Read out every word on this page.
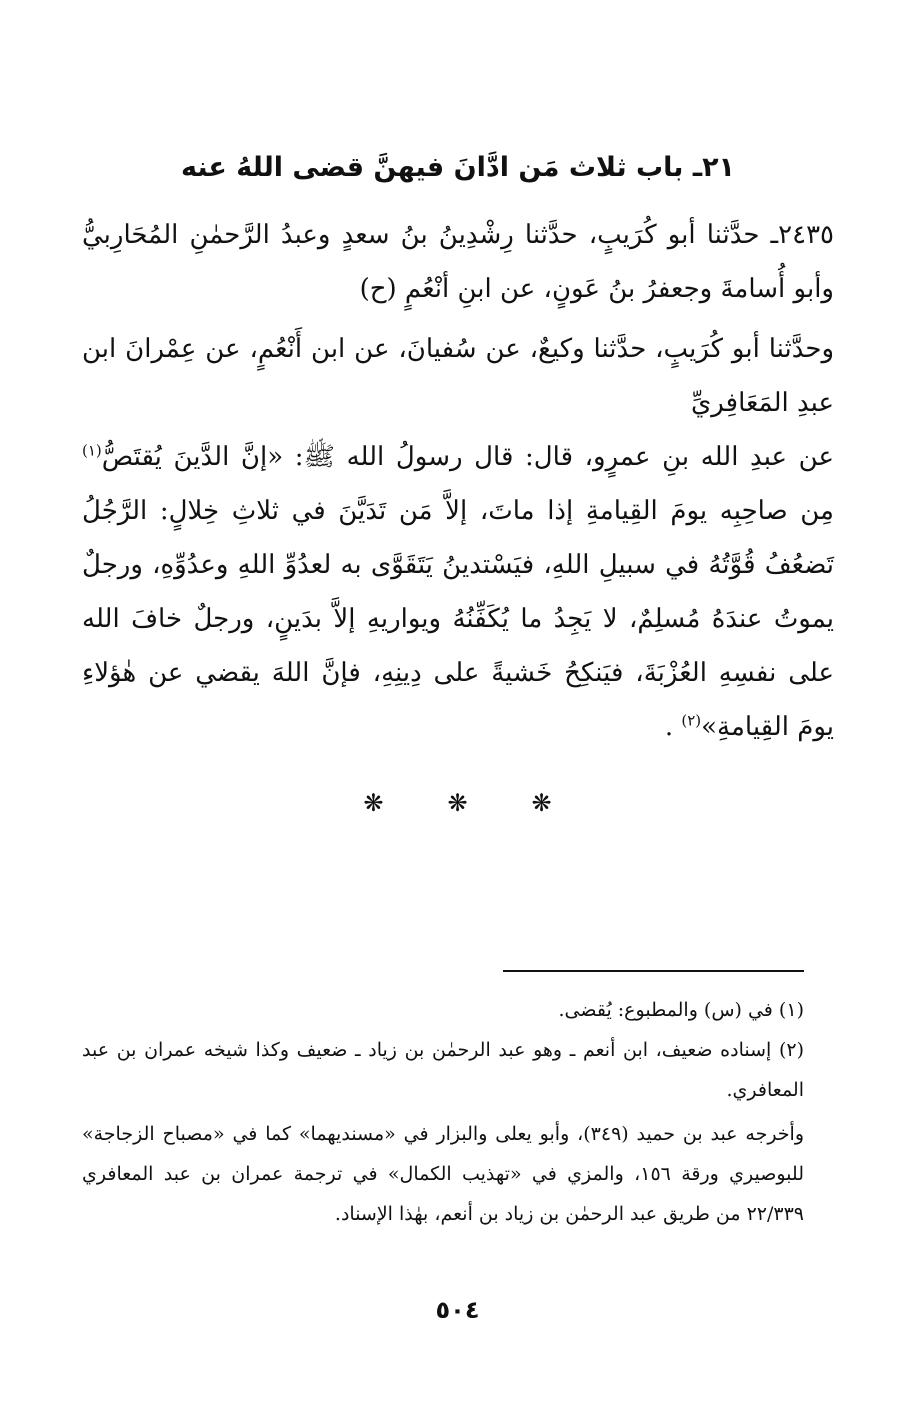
٢١ـ باب ثلاث مَن ادَّانَ فيهنَّ قضى اللهُ عنه

٢٤٣٥ـ حدَّثنا أبو كُرَيبٍ، حدَّثنا رِشْدِينُ بنُ سعدٍ وعبدُ الرَّحمٰنِ المُحَارِبيُّ وأبو أُسامةَ وجعفرُ بنُ عَونٍ، عن ابنِ أنْعُمٍ (ح)

وحدَّثنا أبو كُرَيبٍ، حدَّثنا وكيعٌ، عن سُفيانَ، عن ابن أَنْعُمٍ، عن عِمْرانَ ابن عبدِ المَعَافِريِّ

عن عبدِ الله بنِ عمرٍو، قال: قال رسولُ الله ﷺ: «إنَّ الدَّينَ يُقتَصُّ$^{(١)}$ مِن صاحِبِه يومَ القِيامةِ إذا ماتَ، إلاَّ مَن تَدَيَّنَ في ثلاثِ خِلالٍ: الرَّجُلُ تَضعُفُ قُوَّتُهُ في سبيلِ اللهِ، فيَسْتدينُ يَتَقَوَّى به لعدُوِّ اللهِ وعدُوِّهِ، ورجلٌ يموتُ عندَهُ مُسلِمٌ، لا يَجِدُ ما يُكَفِّنُهُ ويواريهِ إلاَّ بدَينٍ، ورجلٌ خافَ الله على نفسِهِ العُزْبَةَ، فيَنكِحُ خَشيةً على دِينِهِ، فإنَّ اللهَ يقضي عن هٰؤلاءِ يومَ القِيامةِ»$^{(٢)}$ .

❋❋❋

(١) في (س) والمطبوع: يُقضى.

(٢) إسناده ضعيف، ابن أنعم ـ وهو عبد الرحمٰن بن زياد ـ ضعيف وكذا شيخه عمران بن عبد المعافري.

وأخرجه عبد بن حميد (٣٤٩)، وأبو يعلى والبزار في «مسنديهما» كما في «مصباح الزجاجة» للبوصيري ورقة ١٥٦، والمزي في «تهذيب الكمال» في ترجمة عمران بن عبد المعافري ٢٢/٣٣٩ من طريق عبد الرحمٰن بن زياد بن أنعم، بهٰذا الإسناد.

٥٠٤
